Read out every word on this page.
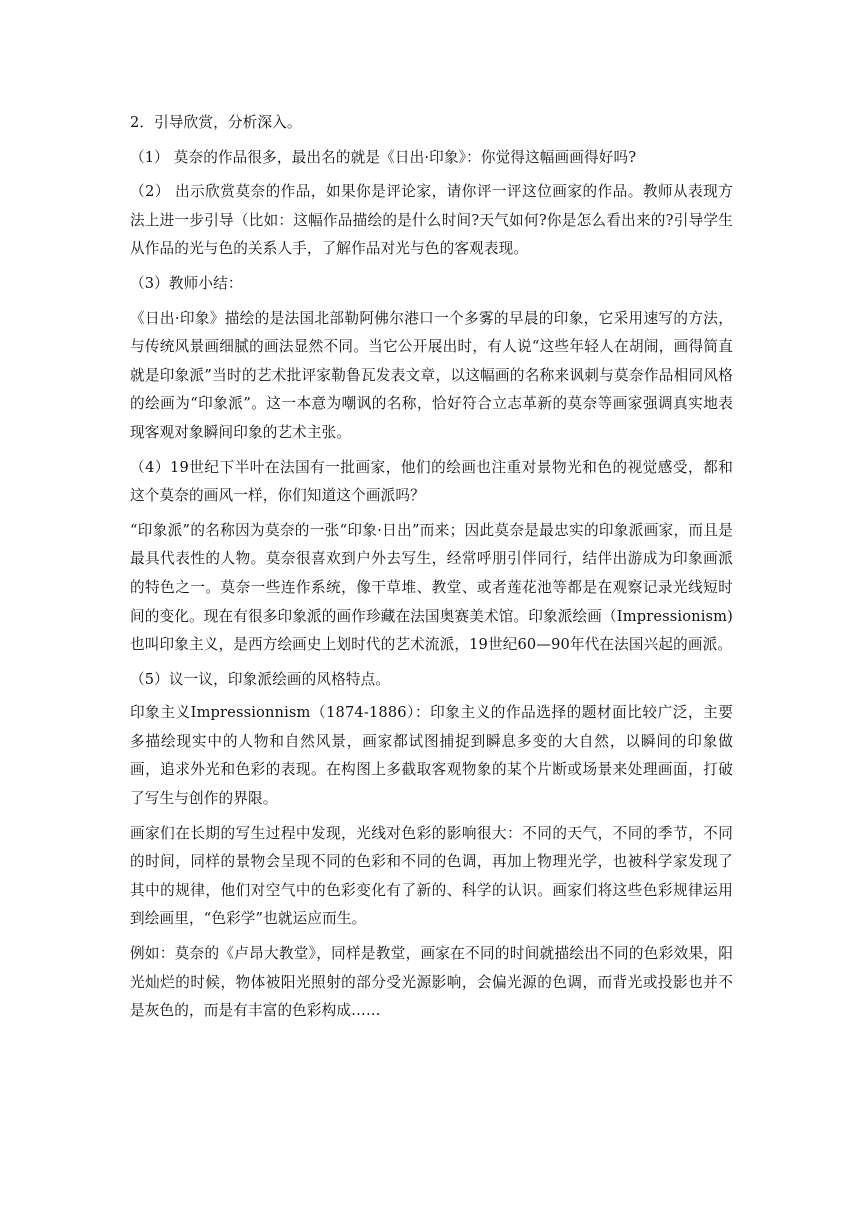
2．引导欣赏，分析深入。

（1） 莫奈的作品很多，最出名的就是《日出·印象》：你觉得这幅画画得好吗?

（2） 出示欣赏莫奈的作品，如果你是评论家，请你评一评这位画家的作品。教师从表现方法上进一步引导（比如：这幅作品描绘的是什么时间?天气如何?你是怎么看出来的?引导学生从作品的光与色的关系人手，了解作品对光与色的客观表现。

（3）教师小结：

《日出·印象》描绘的是法国北部勒阿佛尔港口一个多雾的早晨的印象，它采用速写的方法，与传统风景画细腻的画法显然不同。当它公开展出时，有人说“这些年轻人在胡闹，画得简直就是印象派”当时的艺术批评家勒鲁瓦发表文章，以这幅画的名称来讽刺与莫奈作品相同风格的绘画为“印象派”。这一本意为嘲讽的名称，恰好符合立志革新的莫奈等画家强调真实地表现客观对象瞬间印象的艺术主张。

（4）19世纪下半叶在法国有一批画家，他们的绘画也注重对景物光和色的视觉感受，都和这个莫奈的画风一样，你们知道这个画派吗？

“印象派”的名称因为莫奈的一张“印象·日出”而来；因此莫奈是最忠实的印象派画家，而且是最具代表性的人物。莫奈很喜欢到户外去写生，经常呼朋引伴同行，结伴出游成为印象画派的特色之一。莫奈一些连作系统，像干草堆、教堂、或者莲花池等都是在观察记录光线短时间的变化。现在有很多印象派的画作珍藏在法国奥赛美术馆。印象派绘画（Impressionism)也叫印象主义，是西方绘画史上划时代的艺术流派，19世纪60—90年代在法国兴起的画派。

（5）议一议，印象派绘画的风格特点。

印象主义Impressionnism（1874-1886）：印象主义的作品选择的题材面比较广泛，主要多描绘现实中的人物和自然风景，画家都试图捕捉到瞬息多变的大自然，以瞬间的印象做画，追求外光和色彩的表现。在构图上多截取客观物象的某个片断或场景来处理画面，打破了写生与创作的界限。

画家们在长期的写生过程中发现，光线对色彩的影响很大：不同的天气，不同的季节，不同的时间，同样的景物会呈现不同的色彩和不同的色调，再加上物理光学，也被科学家发现了其中的规律，他们对空气中的色彩变化有了新的、科学的认识。画家们将这些色彩规律运用到绘画里，“色彩学”也就运应而生。

例如：莫奈的《卢昂大教堂》，同样是教堂，画家在不同的时间就描绘出不同的色彩效果，阳光灿烂的时候，物体被阳光照射的部分受光源影响，会偏光源的色调，而背光或投影也并不是灰色的，而是有丰富的色彩构成……
